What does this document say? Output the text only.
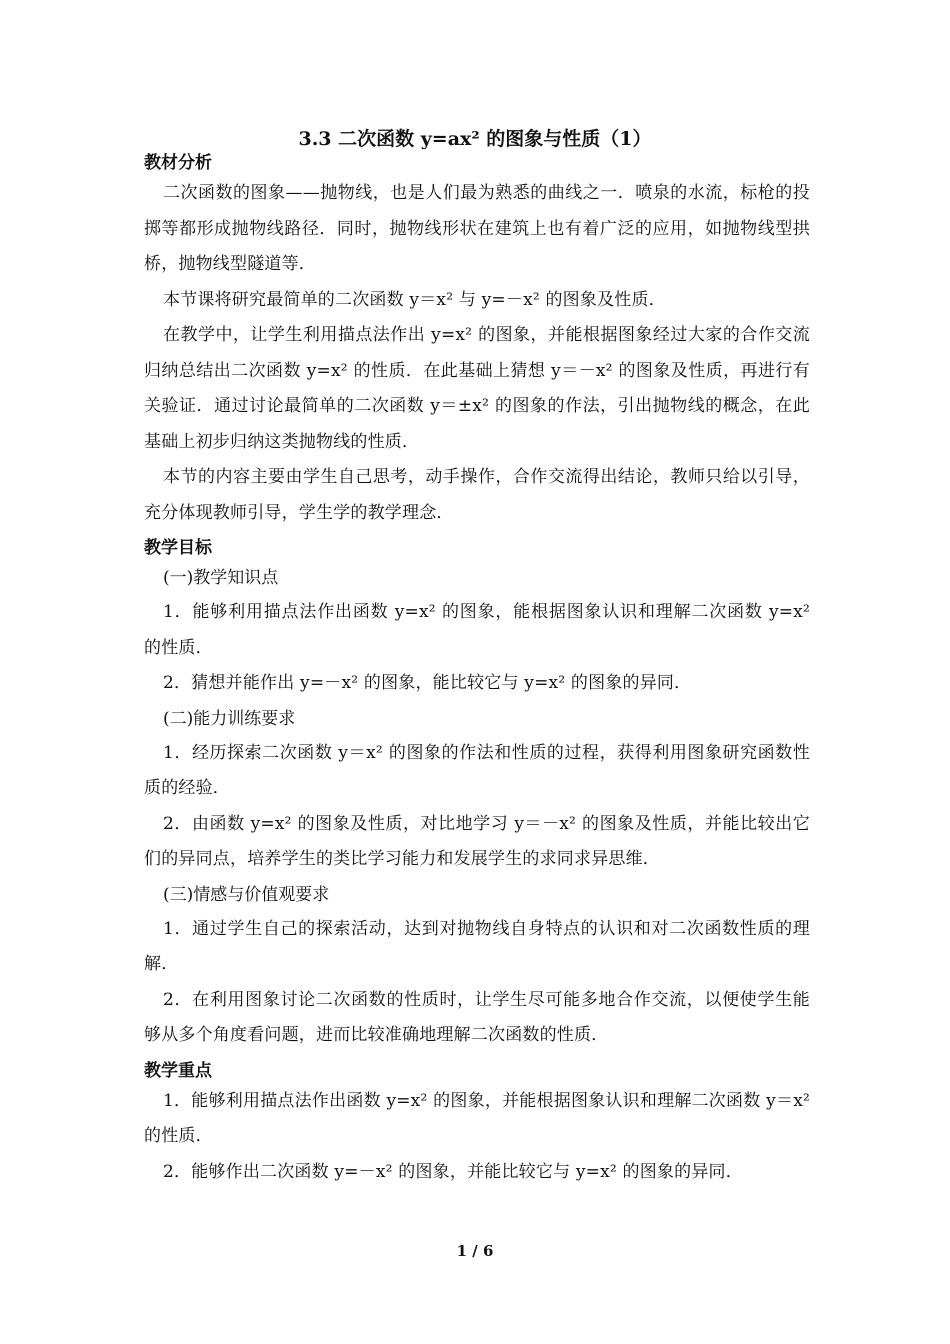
3.3 二次函数 y=ax² 的图象与性质（1）
教材分析
二次函数的图象——抛物线，也是人们最为熟悉的曲线之一．喷泉的水流，标枪的投掷等都形成抛物线路径．同时，抛物线形状在建筑上也有着广泛的应用，如抛物线型拱桥，抛物线型隧道等．
本节课将研究最简单的二次函数 y＝x² 与 y=－x² 的图象及性质．
在教学中，让学生利用描点法作出 y=x² 的图象，并能根据图象经过大家的合作交流归纳总结出二次函数 y=x² 的性质．在此基础上猜想 y＝－x² 的图象及性质，再进行有关验证．通过讨论最简单的二次函数 y＝±x² 的图象的作法，引出抛物线的概念，在此基础上初步归纳这类抛物线的性质．
本节的内容主要由学生自己思考，动手操作，合作交流得出结论，教师只给以引导，充分体现教师引导，学生学的教学理念．
教学目标
(一)教学知识点
1．能够利用描点法作出函数 y=x² 的图象，能根据图象认识和理解二次函数 y=x² 的性质．
2．猜想并能作出 y=－x² 的图象，能比较它与 y=x² 的图象的异同．
(二)能力训练要求
1．经历探索二次函数 y＝x² 的图象的作法和性质的过程，获得利用图象研究函数性质的经验．
2．由函数 y=x² 的图象及性质，对比地学习 y＝－x² 的图象及性质，并能比较出它们的异同点，培养学生的类比学习能力和发展学生的求同求异思维．
(三)情感与价值观要求
1．通过学生自己的探索活动，达到对抛物线自身特点的认识和对二次函数性质的理解．
2．在利用图象讨论二次函数的性质时，让学生尽可能多地合作交流，以便使学生能够从多个角度看问题，进而比较准确地理解二次函数的性质．
教学重点
1．能够利用描点法作出函数 y=x² 的图象，并能根据图象认识和理解二次函数 y＝x² 的性质．
2．能够作出二次函数 y=－x² 的图象，并能比较它与 y=x² 的图象的异同．
1 / 6
